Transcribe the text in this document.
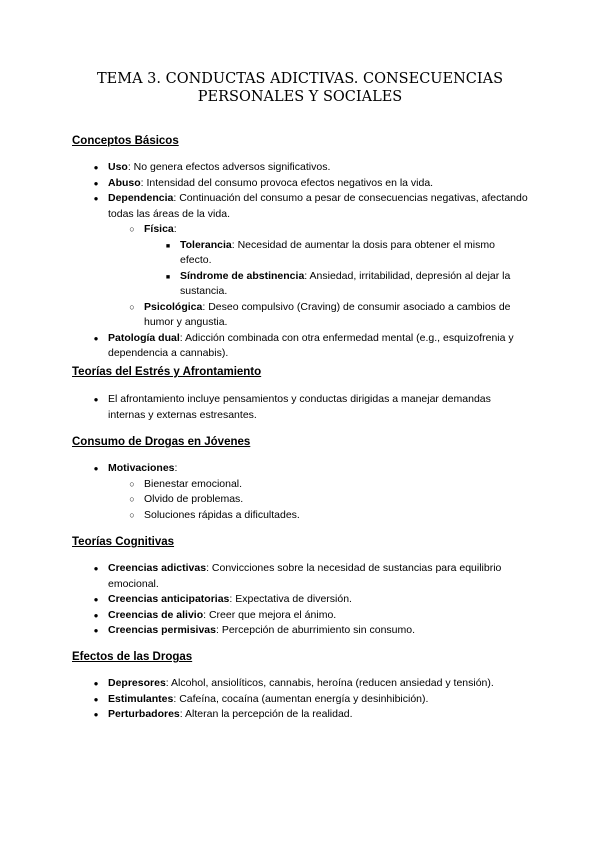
TEMA 3. CONDUCTAS ADICTIVAS. CONSECUENCIAS
PERSONALES Y SOCIALES
Conceptos Básicos
●
Uso: No genera efectos adversos significativos.
●
Abuso: Intensidad del consumo provoca efectos negativos en la vida.
●
Dependencia: Continuación del consumo a pesar de consecuencias negativas, afectando todas las áreas de la vida.
○
Física:
■
Tolerancia: Necesidad de aumentar la dosis para obtener el mismo efecto.
■
Síndrome de abstinencia: Ansiedad, irritabilidad, depresión al dejar la sustancia.
○
Psicológica: Deseo compulsivo (Craving) de consumir asociado a cambios de humor y angustia.
●
Patología dual: Adicción combinada con otra enfermedad mental (e.g., esquizofrenia y dependencia a cannabis).
Teorías del Estrés y Afrontamiento
●
El afrontamiento incluye pensamientos y conductas dirigidas a manejar demandas internas y externas estresantes.
Consumo de Drogas en Jóvenes
●
Motivaciones:
○
Bienestar emocional.
○
Olvido de problemas.
○
Soluciones rápidas a dificultades.
Teorías Cognitivas
●
Creencias adictivas: Convicciones sobre la necesidad de sustancias para equilibrio emocional.
●
Creencias anticipatorias: Expectativa de diversión.
●
Creencias de alivio: Creer que mejora el ánimo.
●
Creencias permisivas: Percepción de aburrimiento sin consumo.
Efectos de las Drogas
●
Depresores: Alcohol, ansiolíticos, cannabis, heroína (reducen ansiedad y tensión).
●
Estimulantes: Cafeína, cocaína (aumentan energía y desinhibición).
●
Perturbadores: Alteran la percepción de la realidad.
